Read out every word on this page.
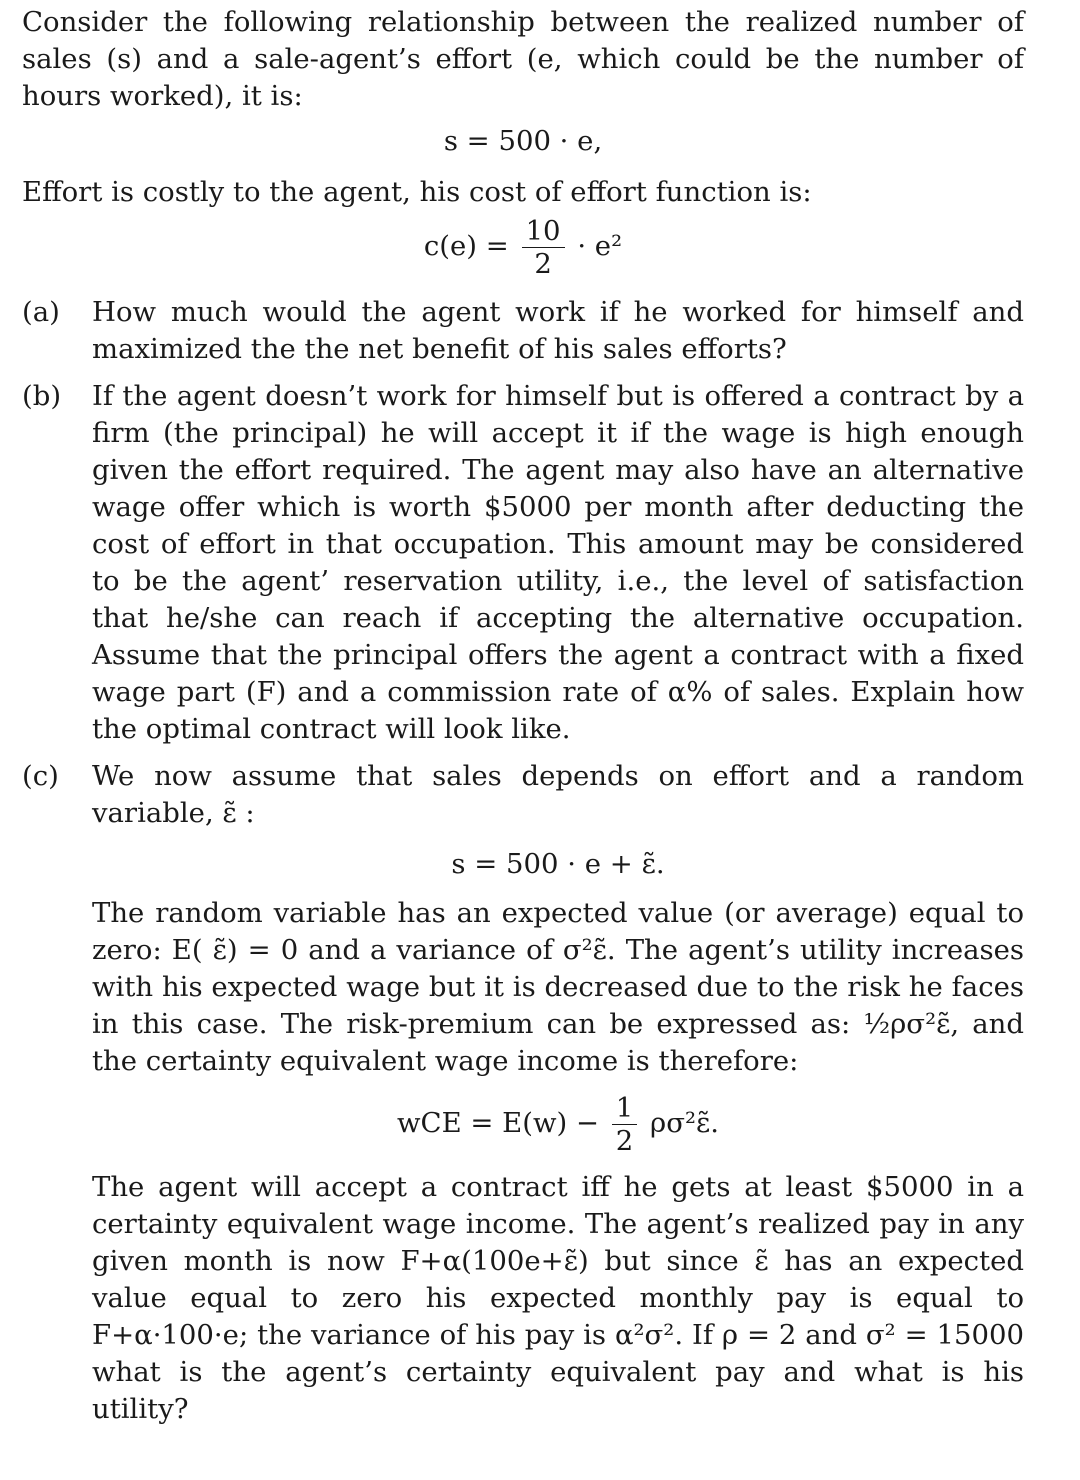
Consider the following relationship between the realized number of sales (s) and a sale-agent’s effort (e, which could be the number of hours worked), it is:

s = 500 · e,

Effort is costly to the agent, his cost of effort function is:

$c(e) = \frac{10}{2} \cdot e^2$
(a) How much would the agent work if he worked for himself and maximized the the net benefit of his sales efforts?
(b) If the agent doesn’t work for himself but is offered a contract by a firm (the principal) he will accept it if the wage is high enough given the effort required. The agent may also have an alternative wage offer which is worth $5000 per month after deducting the cost of effort in that occupation. This amount may be considered to be the agent’ reservation utility, i.e., the level of satisfaction that he/she can reach if accepting the alternative occupation. Assume that the principal offers the agent a contract with a fixed wage part (F) and a commission rate of α% of sales. Explain how the optimal contract will look like.
(c) We now assume that sales depends on effort and a random variable, ε̃ :
s = 500 · e + ε̃.
The random variable has an expected value (or average) equal to zero: E( ε̃) = 0 and a variance of σ²ε̃. The agent’s utility increases with his expected wage but it is decreased due to the risk he faces in this case. The risk-premium can be expressed as: ½ρσ²ε̃, and the certainty equivalent wage income is therefore:
wCE = $E(w) - \frac{1}{2}$ ρσ²ε̃.
The agent will accept a contract iff he gets at least $5000 in a certainty equivalent wage income. The agent’s realized pay in any given month is now F+α(100e+ε̃) but since ε̃ has an expected value equal to zero his expected monthly pay is equal to F+α·100·e; the variance of his pay is α²σ². If ρ = 2 and σ² = 15000 what is the agent’s certainty equivalent pay and what is his utility?
